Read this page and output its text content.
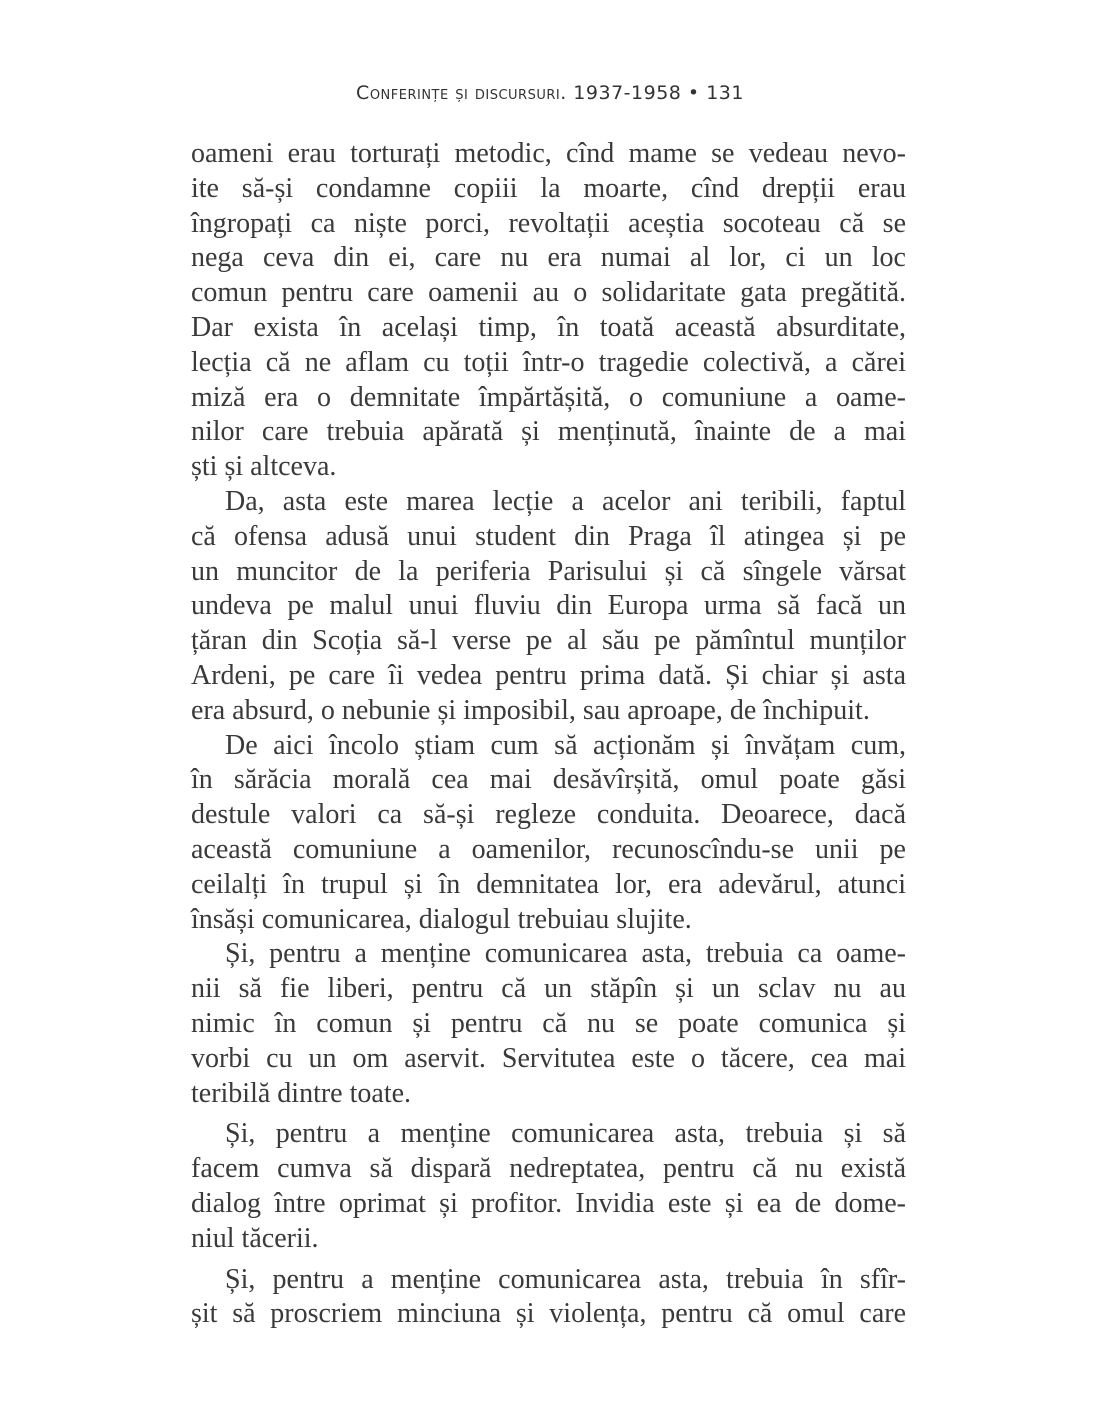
Conferințe și discursuri. 1937-1958 • 131
oameni erau torturați metodic, cînd mame se vedeau nevo-
ite să-și condamne copiii la moarte, cînd drepții erau
îngropați ca niște porci, revoltații aceștia socoteau că se
nega ceva din ei, care nu era numai al lor, ci un loc
comun pentru care oamenii au o solidaritate gata pregătită.
Dar exista în același timp, în toată această absurditate,
lecția că ne aflam cu toții într-o tragedie colectivă, a cărei
miză era o demnitate împărtășită, o comuniune a oame-
nilor care trebuia apărată și menținută, înainte de a mai
ști și altceva.
Da, asta este marea lecție a acelor ani teribili, faptul
că ofensa adusă unui student din Praga îl atingea și pe
un muncitor de la periferia Parisului și că sîngele vărsat
undeva pe malul unui fluviu din Europa urma să facă un
țăran din Scoția să-l verse pe al său pe pămîntul munților
Ardeni, pe care îi vedea pentru prima dată. Și chiar și asta
era absurd, o nebunie și imposibil, sau aproape, de închipuit.
De aici încolo știam cum să acționăm și învățam cum,
în sărăcia morală cea mai desăvîrșită, omul poate găsi
destule valori ca să-și regleze conduita. Deoarece, dacă
această comuniune a oamenilor, recunoscîndu-se unii pe
ceilalți în trupul și în demnitatea lor, era adevărul, atunci
însăși comunicarea, dialogul trebuiau slujite.
Și, pentru a menține comunicarea asta, trebuia ca oame-
nii să fie liberi, pentru că un stăpîn și un sclav nu au
nimic în comun și pentru că nu se poate comunica și
vorbi cu un om aservit. Servitutea este o tăcere, cea mai
teribilă dintre toate.
Și, pentru a menține comunicarea asta, trebuia și să
facem cumva să dispară nedreptatea, pentru că nu există
dialog între oprimat și profitor. Invidia este și ea de dome-
niul tăcerii.
Și, pentru a menține comunicarea asta, trebuia în sfîr-
șit să proscriem minciuna și violența, pentru că omul care
